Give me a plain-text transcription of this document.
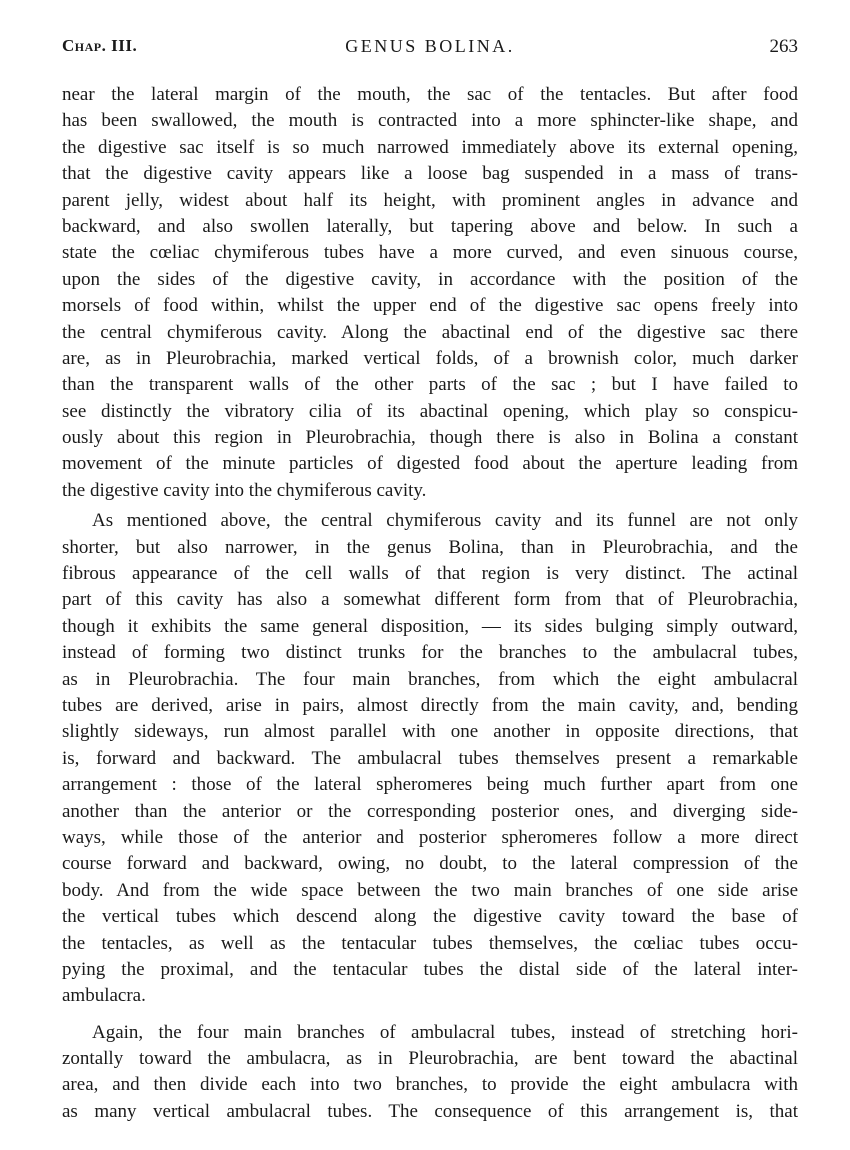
Chap. III.	GENUS BOLINA.	263
near the lateral margin of the mouth, the sac of the tentacles. But after food
has been swallowed, the mouth is contracted into a more sphincter-like shape, and
the digestive sac itself is so much narrowed immediately above its external opening,
that the digestive cavity appears like a loose bag suspended in a mass of trans-
parent jelly, widest about half its height, with prominent angles in advance and
backward, and also swollen laterally, but tapering above and below. In such a
state the cœliac chymiferous tubes have a more curved, and even sinuous course,
upon the sides of the digestive cavity, in accordance with the position of the
morsels of food within, whilst the upper end of the digestive sac opens freely into
the central chymiferous cavity. Along the abactinal end of the digestive sac there
are, as in Pleurobrachia, marked vertical folds, of a brownish color, much darker
than the transparent walls of the other parts of the sac ; but I have failed to
see distinctly the vibratory cilia of its abactinal opening, which play so conspicu-
ously about this region in Pleurobrachia, though there is also in Bolina a constant
movement of the minute particles of digested food about the aperture leading from
the digestive cavity into the chymiferous cavity.
As mentioned above, the central chymiferous cavity and its funnel are not only
shorter, but also narrower, in the genus Bolina, than in Pleurobrachia, and the
fibrous appearance of the cell walls of that region is very distinct. The actinal
part of this cavity has also a somewhat different form from that of Pleurobrachia,
though it exhibits the same general disposition, — its sides bulging simply outward,
instead of forming two distinct trunks for the branches to the ambulacral tubes,
as in Pleurobrachia. The four main branches, from which the eight ambulacral
tubes are derived, arise in pairs, almost directly from the main cavity, and, bending
slightly sideways, run almost parallel with one another in opposite directions, that
is, forward and backward. The ambulacral tubes themselves present a remarkable
arrangement : those of the lateral spheromeres being much further apart from one
another than the anterior or the corresponding posterior ones, and diverging side-
ways, while those of the anterior and posterior spheromeres follow a more direct
course forward and backward, owing, no doubt, to the lateral compression of the
body. And from the wide space between the two main branches of one side arise
the vertical tubes which descend along the digestive cavity toward the base of
the tentacles, as well as the tentacular tubes themselves, the cœliac tubes occu-
pying the proximal, and the tentacular tubes the distal side of the lateral inter-
ambulacra.
Again, the four main branches of ambulacral tubes, instead of stretching hori-
zontally toward the ambulacra, as in Pleurobrachia, are bent toward the abactinal
area, and then divide each into two branches, to provide the eight ambulacra with
as many vertical ambulacral tubes. The consequence of this arrangement is, that
